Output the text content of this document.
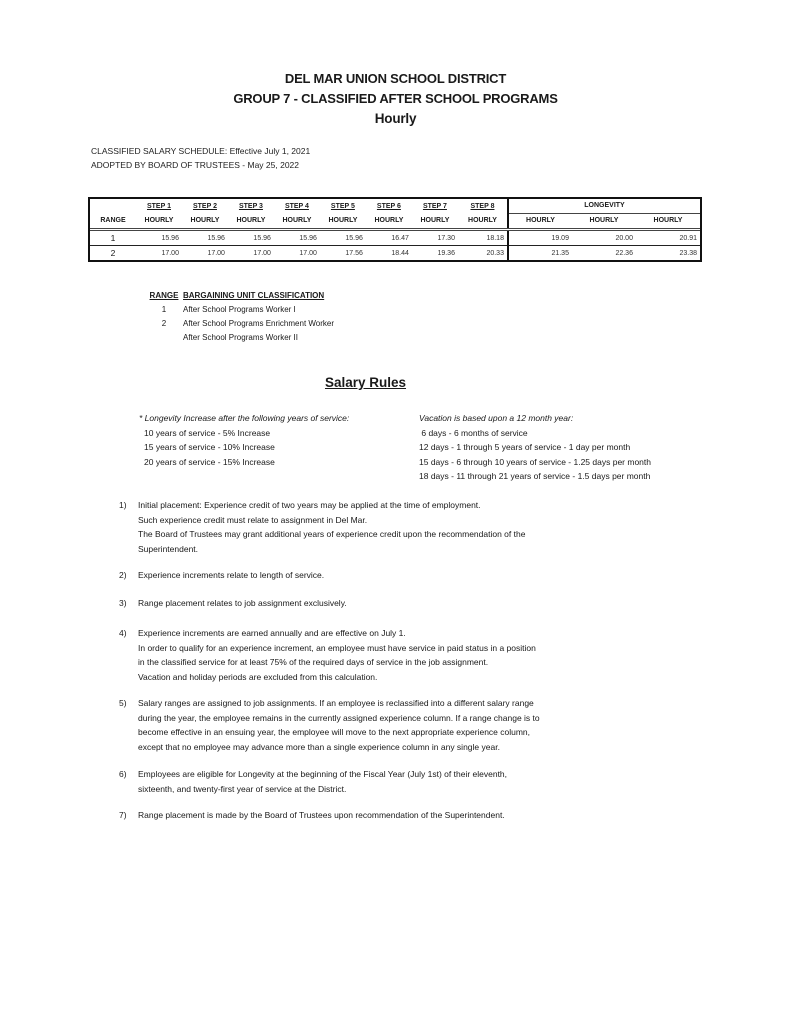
DEL MAR UNION SCHOOL DISTRICT
GROUP 7 - CLASSIFIED AFTER SCHOOL PROGRAMS
Hourly
CLASSIFIED SALARY SCHEDULE: Effective July 1, 2021
ADOPTED BY BOARD OF TRUSTEES - May 25, 2022
	STEP 1	STEP 2	STEP 3	STEP 4	STEP 5	STEP 6	STEP 7	STEP 8	LONGEVITY		
RANGE	HOURLY	HOURLY	HOURLY	HOURLY	HOURLY	HOURLY	HOURLY	HOURLY	HOURLY	HOURLY	HOURLY
1	15.96	15.96	15.96	15.96	15.96	16.47	17.30	18.18	19.09	20.00	20.91
2	17.00	17.00	17.00	17.00	17.56	18.44	19.36	20.33	21.35	22.36	23.38
RANGE BARGAINING UNIT CLASSIFICATION
1	After School Programs Worker I
2	After School Programs Enrichment Worker
After School Programs Worker II
Salary Rules
* Longevity Increase after the following years of service:
10 years of service - 5% Increase
15 years of service - 10% Increase
20 years of service - 15% Increase
Vacation is based upon a 12 month year:
6 days - 6 months of service
12 days - 1 through 5 years of service - 1 day per month
15 days - 6 through 10 years of service - 1.25 days per month
18 days - 11 through 21 years of service - 1.5 days per month
1) Initial placement: Experience credit of two years may be applied at the time of employment.
Such experience credit must relate to assignment in Del Mar.
The Board of Trustees may grant additional years of experience credit upon the recommendation of the
Superintendent.
2) Experience increments relate to length of service.
3) Range placement relates to job assignment exclusively.
4) Experience increments are earned annually and are effective on July 1.
In order to qualify for an experience increment, an employee must have service in paid status in a position
in the classified service for at least 75% of the required days of service in the job assignment.
Vacation and holiday periods are excluded from this calculation.
5) Salary ranges are assigned to job assignments. If an employee is reclassified into a different salary range
during the year, the employee remains in the currently assigned experience column. If a range change is to
become effective in an ensuing year, the employee will move to the next appropriate experience column,
except that no employee may advance more than a single experience column in any single year.
6) Employees are eligible for Longevity at the beginning of the Fiscal Year (July 1st) of their eleventh,
sixteenth, and twenty-first year of service at the District.
7) Range placement is made by the Board of Trustees upon recommendation of the Superintendent.
